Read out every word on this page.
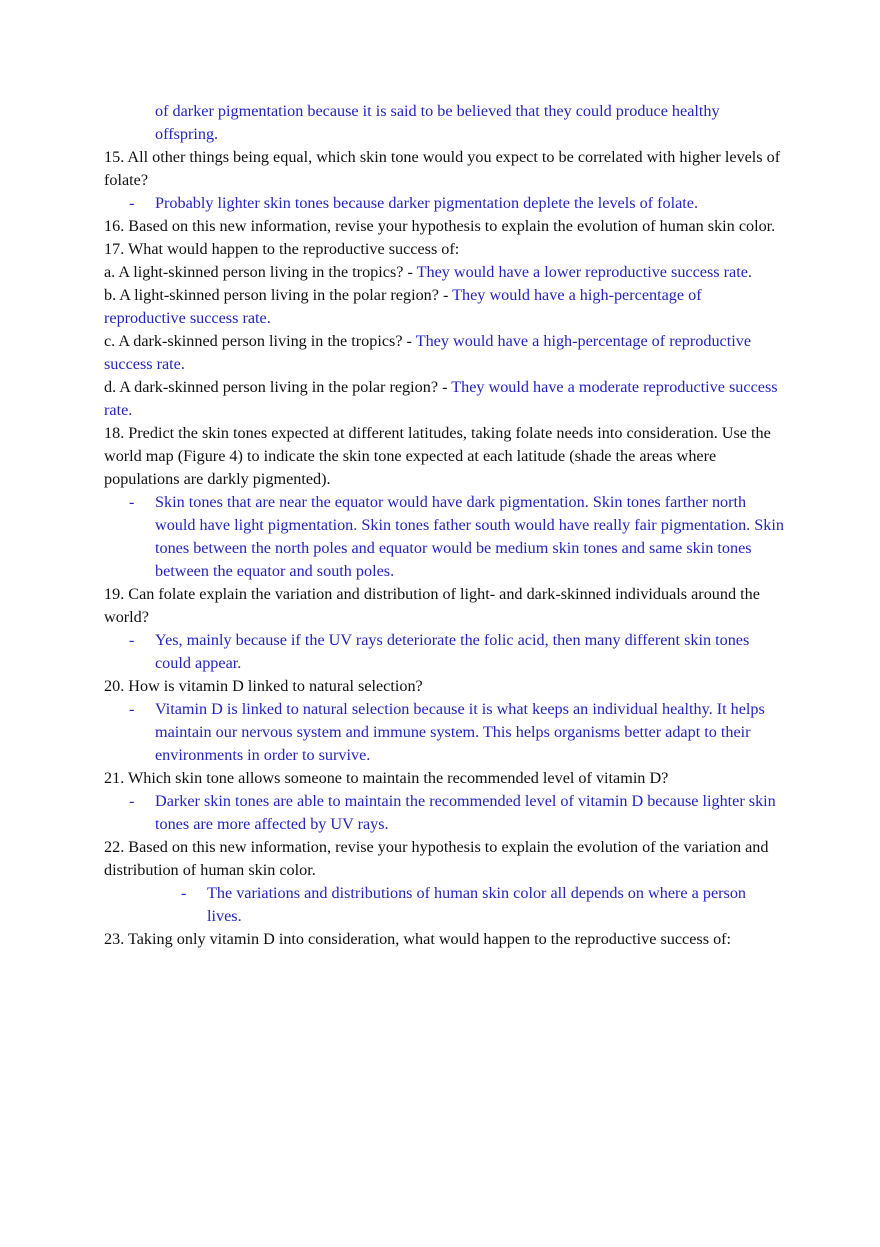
of darker pigmentation because it is said to be believed that they could produce healthy offspring.
15. All other things being equal, which skin tone would you expect to be correlated with higher levels of folate?
- Probably lighter skin tones because darker pigmentation deplete the levels of folate.
16. Based on this new information, revise your hypothesis to explain the evolution of human skin color.
17. What would happen to the reproductive success of:
a. A light-skinned person living in the tropics? - They would have a lower reproductive success rate.
b. A light-skinned person living in the polar region? - They would have a high-percentage of reproductive success rate.
c. A dark-skinned person living in the tropics? - They would have a high-percentage of reproductive success rate.
d. A dark-skinned person living in the polar region? - They would have a moderate reproductive success rate.
18. Predict the skin tones expected at different latitudes, taking folate needs into consideration. Use the world map (Figure 4) to indicate the skin tone expected at each latitude (shade the areas where populations are darkly pigmented).
- Skin tones that are near the equator would have dark pigmentation. Skin tones farther north would have light pigmentation. Skin tones father south would have really fair pigmentation. Skin tones between the north poles and equator would be medium skin tones and same skin tones between the equator and south poles.
19. Can folate explain the variation and distribution of light- and dark-skinned individuals around the world?
- Yes, mainly because if the UV rays deteriorate the folic acid, then many different skin tones could appear.
20. How is vitamin D linked to natural selection?
- Vitamin D is linked to natural selection because it is what keeps an individual healthy. It helps maintain our nervous system and immune system. This helps organisms better adapt to their environments in order to survive.
21. Which skin tone allows someone to maintain the recommended level of vitamin D?
- Darker skin tones are able to maintain the recommended level of vitamin D because lighter skin tones are more affected by UV rays.
22. Based on this new information, revise your hypothesis to explain the evolution of the variation and distribution of human skin color.
- The variations and distributions of human skin color all depends on where a person lives.
23. Taking only vitamin D into consideration, what would happen to the reproductive success of:
